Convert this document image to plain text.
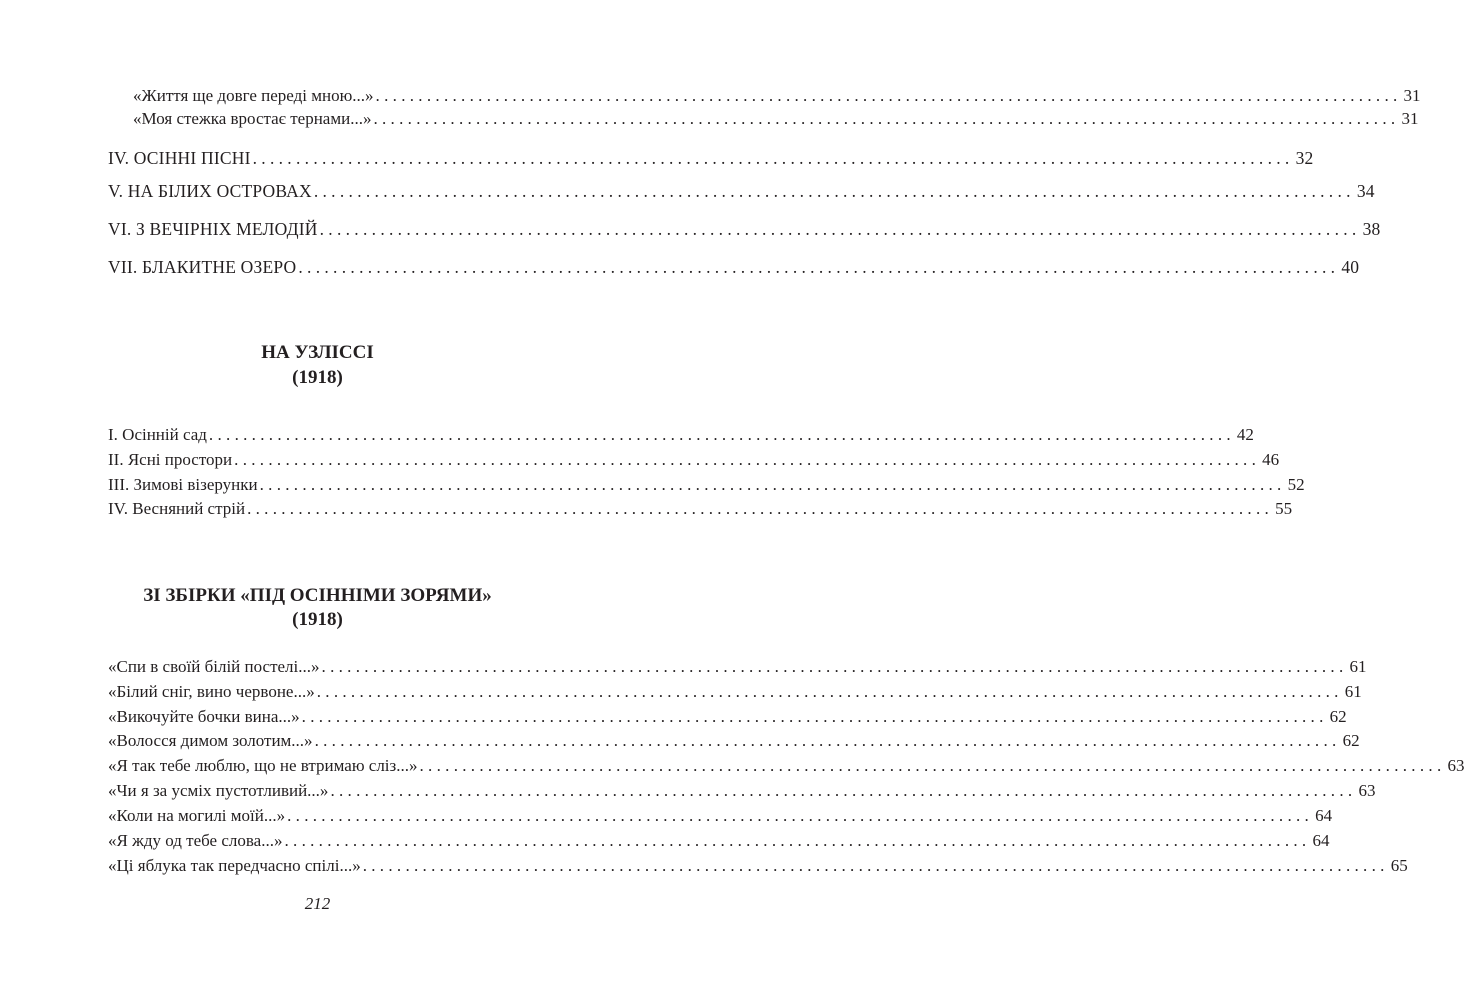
«Життя ще довге переді мною...» ........................................................................................................................ 31
«Моя стежка вростає тернами...» ........................................................................................................................ 31
IV. ОСІННІ ПІСНІ ........................................................................................................................ 32
V. НА БІЛИХ ОСТРОВАХ ........................................................................................................................ 34
VI. З ВЕЧІРНІХ МЕЛОДІЙ ........................................................................................................................ 38
VII. БЛАКИТНЕ ОЗЕРО ........................................................................................................................ 40
I. Осінній сад ........................................................................................................................ 42
II. Ясні простори ........................................................................................................................ 46
III. Зимові візерунки ........................................................................................................................ 52
IV. Весняний стрій ........................................................................................................................ 55
«Спи в своїй білій постелі...» ........................................................................................................................ 61
«Білий сніг, вино червоне...» ........................................................................................................................ 61
«Викочуйте бочки вина...» ........................................................................................................................ 62
«Волосся димом золотим...» ........................................................................................................................ 62
«Я так тебе люблю, що не втримаю сліз...» ........................................................................................................................ 63
«Чи я за усміх пустотливий...» ........................................................................................................................ 63
«Коли на могилі моїй...» ........................................................................................................................ 64
«Я жду од тебе слова...» ........................................................................................................................ 64
«Ці яблука так передчасно спілі...» ........................................................................................................................ 65
НА УЗЛІССІ
(1918)
ЗІ ЗБІРКИ «ПІД ОСІННІМИ ЗОРЯМИ»
(1918)
212
